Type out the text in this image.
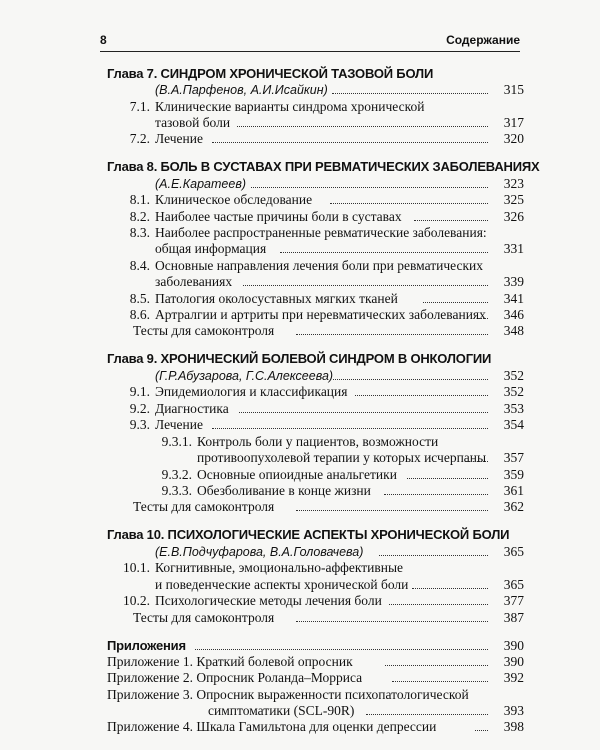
8	Содержание
Глава 7. СИНДРОМ ХРОНИЧЕСКОЙ ТАЗОВОЙ БОЛИ
(В.А.Парфенов, А.И.Исайкин)	315
7.1. Клинические варианты синдрома хронической
тазовой боли	317
7.2. Лечение	320
Глава 8. БОЛЬ В СУСТАВАХ ПРИ РЕВМАТИЧЕСКИХ ЗАБОЛЕВАНИЯХ
(А.Е.Каратеев)	323
8.1. Клиническое обследование	325
8.2. Наиболее частые причины боли в суставах	326
8.3. Наиболее распространенные ревматические заболевания:
общая информация	331
8.4. Основные направления лечения боли при ревматических
заболеваниях	339
8.5. Патология околосуставных мягких тканей	341
8.6. Артралгии и артриты при неревматических заболеваниях	346
Тесты для самоконтроля	348
Глава 9. ХРОНИЧЕСКИЙ БОЛЕВОЙ СИНДРОМ В ОНКОЛОГИИ
(Г.Р.Абузарова, Г.С.Алексеева)	352
9.1. Эпидемиология и классификация	352
9.2. Диагностика	353
9.3. Лечение	354
9.3.1. Контроль боли у пациентов, возможности
противоопухолевой терапии у которых исчерпаны	357
9.3.2. Основные опиоидные анальгетики	359
9.3.3. Обезболивание в конце жизни	361
Тесты для самоконтроля	362
Глава 10. ПСИХОЛОГИЧЕСКИЕ АСПЕКТЫ ХРОНИЧЕСКОЙ БОЛИ
(Е.В.Подчуфарова, В.А.Головачева)	365
10.1. Когнитивные, эмоционально-аффективные
и поведенческие аспекты хронической боли	365
10.2. Психологические методы лечения боли	377
Тесты для самоконтроля	387
Приложения	390
Приложение 1. Краткий болевой опросник	390
Приложение 2. Опросник Роланда–Морриса	392
Приложение 3. Опросник выраженности психопатологической
симптоматики (SCL-90R)	393
Приложение 4. Шкала Гамильтона для оценки депрессии	398
